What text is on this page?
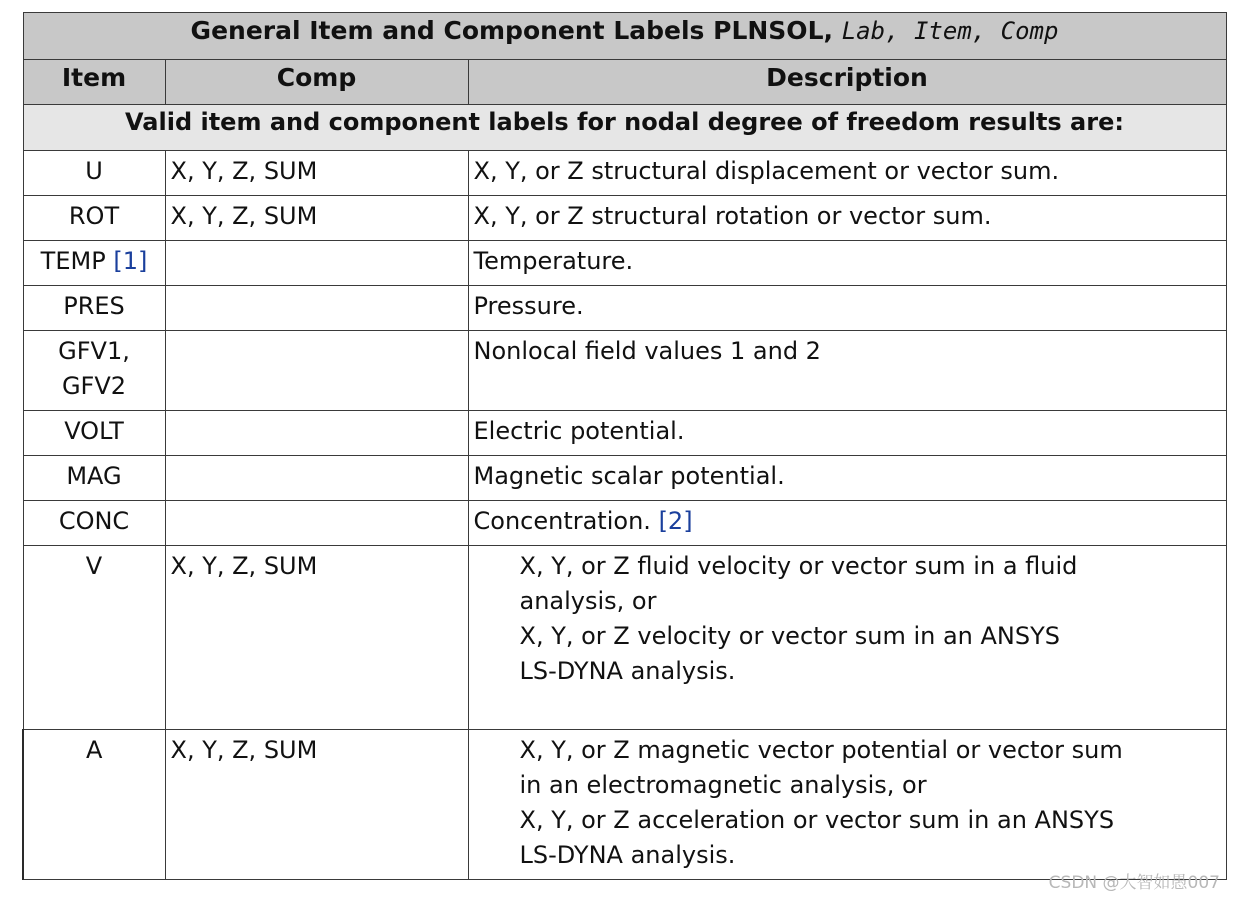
General Item and Component Labels PLNSOL, Lab, Item, Comp		
Item	Comp	Description
Valid item and component labels for nodal degree of freedom results are:		
U	X, Y, Z, SUM	X, Y, or Z structural displacement or vector sum.
ROT	X, Y, Z, SUM	X, Y, or Z structural rotation or vector sum.
TEMP [1]		Temperature.
PRES		Pressure.

GFV1,
GFV2		Nonlocal field values 1 and 2
VOLT		Electric potential.
MAG		Magnetic scalar potential.
CONC		Concentration. [2]
V	X, Y, Z, SUM	X, Y, or Z fluid velocity or vector sum in a fluid
analysis, or
X, Y, or Z velocity or vector sum in an ANSYS
LS-DYNA analysis.

A	X, Y, Z, SUM	X, Y, or Z magnetic vector potential or vector sum
in an electromagnetic analysis, or
X, Y, or Z acceleration or vector sum in an ANSYS
LS-DYNA analysis.
CSDN @大智如愚007
